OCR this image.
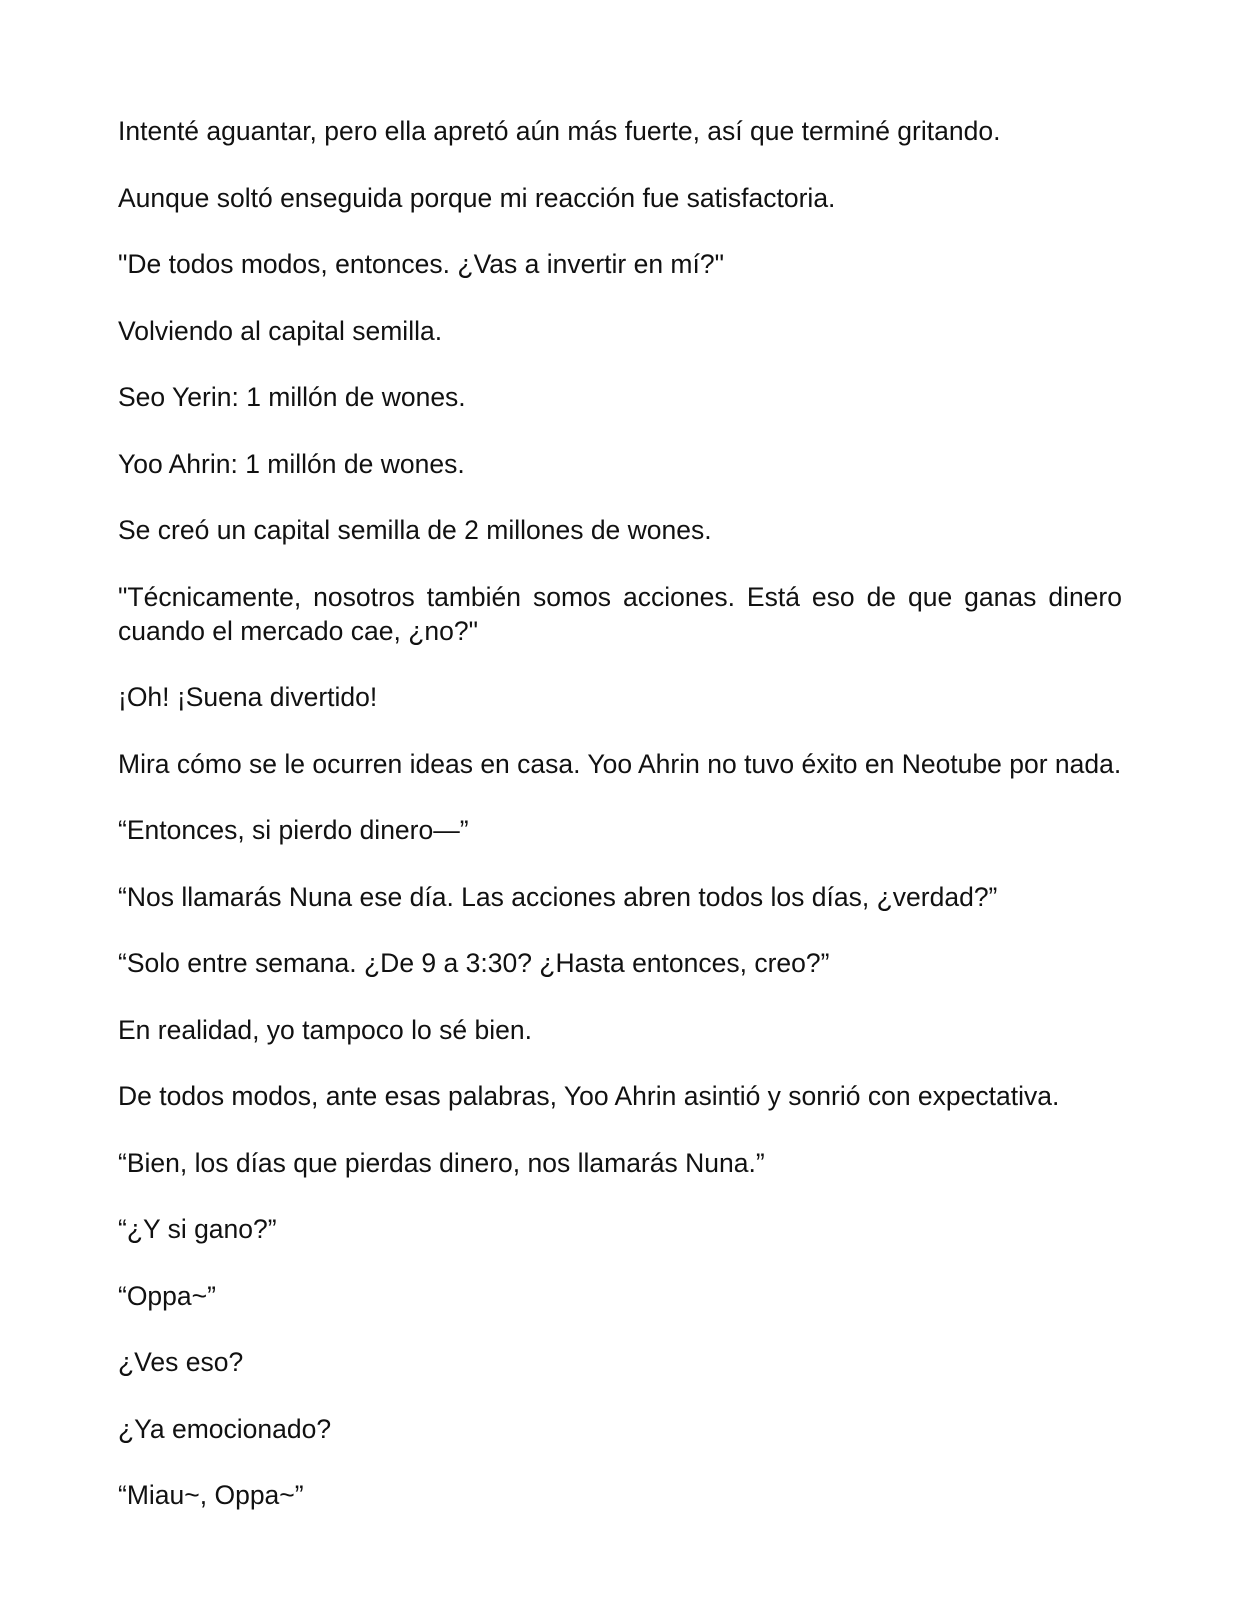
Intenté aguantar, pero ella apretó aún más fuerte, así que terminé gritando.

Aunque soltó enseguida porque mi reacción fue satisfactoria.

"De todos modos, entonces. ¿Vas a invertir en mí?"

Volviendo al capital semilla.

Seo Yerin: 1 millón de wones.

Yoo Ahrin: 1 millón de wones.

Se creó un capital semilla de 2 millones de wones.

"Técnicamente, nosotros también somos acciones. Está eso de que ganas dinero cuando el mercado cae, ¿no?"

¡Oh! ¡Suena divertido!

Mira cómo se le ocurren ideas en casa. Yoo Ahrin no tuvo éxito en Neotube por nada.

“Entonces, si pierdo dinero—”

“Nos llamarás Nuna ese día. Las acciones abren todos los días, ¿verdad?”

“Solo entre semana. ¿De 9 a 3:30? ¿Hasta entonces, creo?”

En realidad, yo tampoco lo sé bien.

De todos modos, ante esas palabras, Yoo Ahrin asintió y sonrió con expectativa.

“Bien, los días que pierdas dinero, nos llamarás Nuna.”

“¿Y si gano?”

“Oppa~”

¿Ves eso?

¿Ya emocionado?

“Miau~, Oppa~”
